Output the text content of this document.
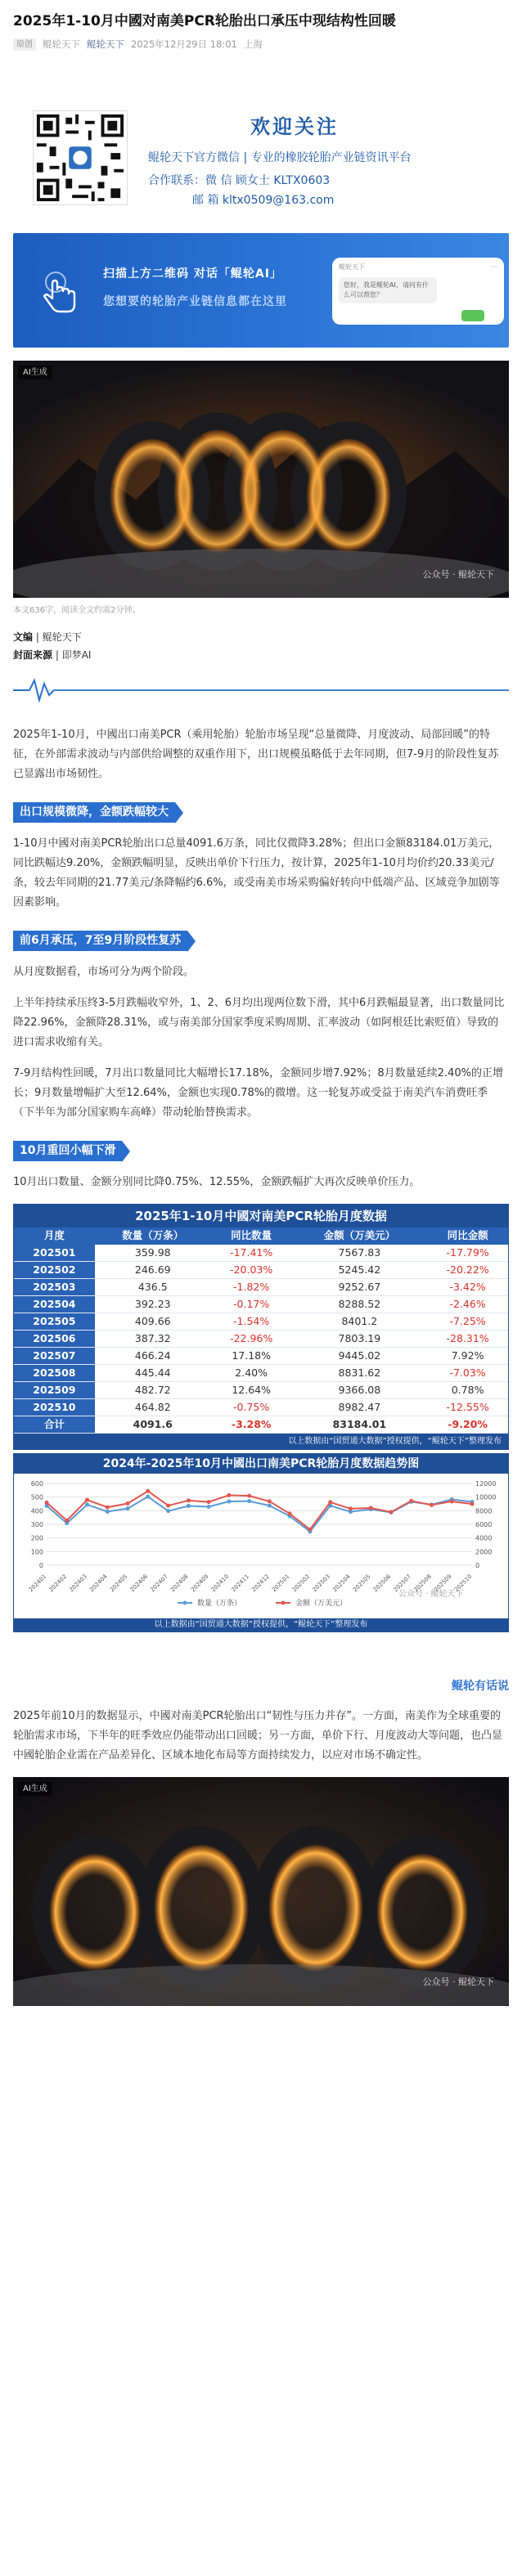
2025年1-10月中國对南美PCR轮胎出口承压中现结构性回暖
原创	鲲轮天下 鲲轮天下 2025年12月29日 18:01 上海
欢迎关注
鲲轮天下官方微信 | 专业的橡胶轮胎产业链资讯平台
合作联系：微 信 顾女士 KLTX0603
邮 箱 kltx0509@163.com
扫描上方二维码 对话「鲲轮AI」
您想要的轮胎产业链信息都在这里
鲲轮天下	···
您好，我是鲲轮AI，请问有什么可以帮您？
AI生成
公众号 · 鲲轮天下
本文636字，阅读全文约需2分钟。
文编 | 鲲轮天下
封面来源 | 即梦AI

2025年1-10月，中國出口南美PCR（乘用轮胎）轮胎市场呈现“总量微降、月度波动、局部回暖”的特征，在外部需求波动与内部供给调整的双重作用下，出口规模虽略低于去年同期，但7-9月的阶段性复苏已显露出市场韧性。

出口规模微降，金额跌幅较大

1-10月中國对南美PCR轮胎出口总量4091.6万条，同比仅微降3.28%；但出口金额83184.01万美元，同比跌幅达9.20%，金额跌幅明显，反映出单价下行压力，按计算，2025年1-10月均价约20.33美元/条，较去年同期的21.77美元/条降幅约6.6%，或受南美市场采购偏好转向中低端产品、区域竞争加剧等因素影响。

前6月承压，7至9月阶段性复苏

从月度数据看，市场可分为两个阶段。

上半年持续承压终3-5月跌幅收窄外，1、2、6月均出现两位数下滑，其中6月跌幅最显著，出口数量同比降22.96%，金额降28.31%，或与南美部分国家季度采购周期、汇率波动（如阿根廷比索贬值）导致的进口需求收缩有关。

7-9月结构性回暖，7月出口数量同比大幅增长17.18%，金额同步增7.92%；8月数量延续2.40%的正增长；9月数量增幅扩大至12.64%，金额也实现0.78%的微增。这一轮复苏或受益于南美汽车消费旺季（下半年为部分国家购车高峰）带动轮胎替换需求。

10月重回小幅下滑

10月出口数量、金额分别同比降0.75%、12.55%，金额跌幅扩大再次反映单价压力。

2025年1-10月中國对南美PCR轮胎月度数据
月度	数量（万条）	同比数量	金额（万美元）	同比金额
202501	359.98	-17.41%	7567.83	-17.79%
202502	246.69	-20.03%	5245.42	-20.22%
202503	436.5	-1.82%	9252.67	-3.42%
202504	392.23	-0.17%	8288.52	-2.46%
202505	409.66	-1.54%	8401.2	-7.25%
202506	387.32	-22.96%	7803.19	-28.31%
202507	466.24	17.18%	9445.02	7.92%
202508	445.44	2.40%	8831.62	-7.03%
202509	482.72	12.64%	9366.08	0.78%
202510	464.82	-0.75%	8982.47	-12.55%
合计	4091.6	-3.28%	83184.01	-9.20%
以上数据由“国贸通大数据”授权提供，“鲲轮天下”整理发布
2024年-2025年10月中國出口南美PCR轮胎月度数据趋势图
0	0
100	2000
200	4000
300	6000
400	8000
500	10000
600	12000
202401 202402 202403 202404 202405 202406 202407 202408 202409 202410 202411 202412 202501 202502 202503 202504 202505 202506 202507 202508 202509 202510
数量（万条）	金额（万美元）
公众号 · 鲲轮天下
以上数据由“国贸通大数据”授权提供，“鲲轮天下”整理发布
鲲轮有话说

2025年前10月的数据显示，中國对南美PCR轮胎出口“韧性与压力并存”。一方面，南美作为全球重要的轮胎需求市场，下半年的旺季效应仍能带动出口回暖；另一方面，单价下行、月度波动大等问题，也凸显中國轮胎企业需在产品差异化、区域本地化布局等方面持续发力，以应对市场不确定性。

AI生成
公众号 · 鲲轮天下
